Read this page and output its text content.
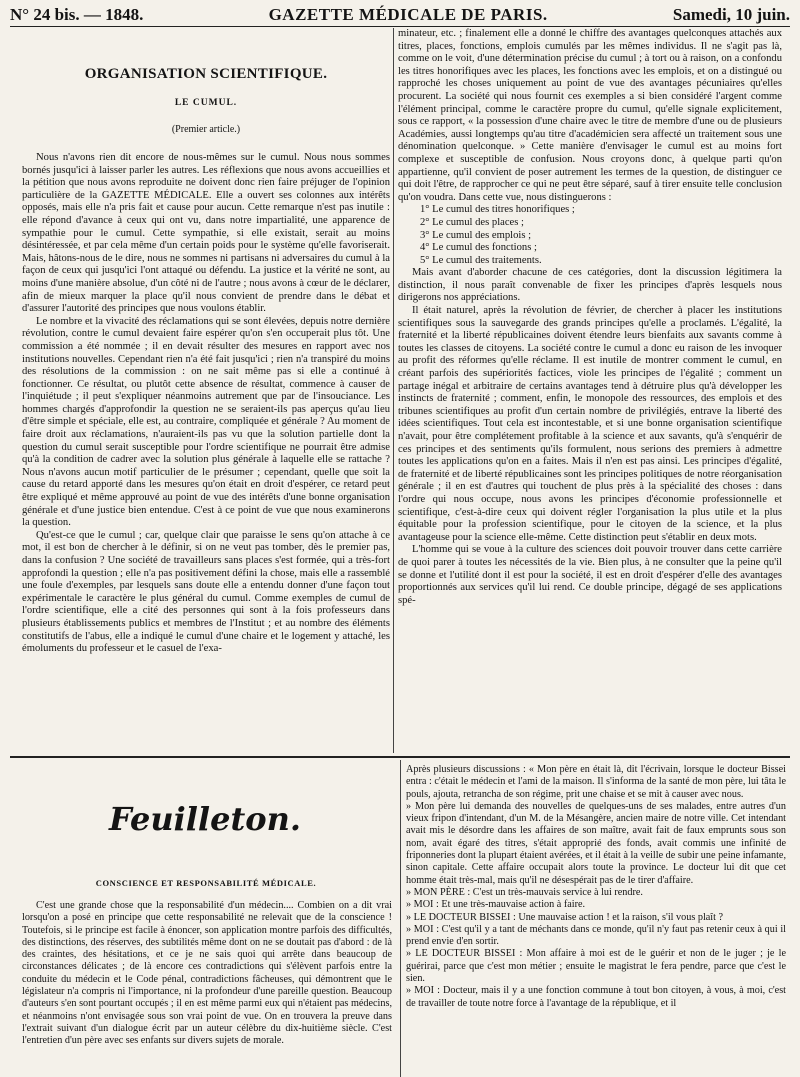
N° 24 bis. — 1848.	GAZETTE MÉDICALE DE PARIS.	Samedi, 10 juin.
ORGANISATION SCIENTIFIQUE.
LE CUMUL.
(Premier article.)

Nous n'avons rien dit encore de nous-mêmes sur le cumul. Nous nous sommes bornés jusqu'ici à laisser parler les autres. Les réflexions que nous avons accueillies et la pétition que nous avons reproduite ne doivent donc rien faire préjuger de l'opinion particulière de la GAZETTE MÉDICALE. Elle a ouvert ses colonnes aux intérêts opposés, mais elle n'a pris fait et cause pour aucun. Cette remarque n'est pas inutile : elle répond d'avance à ceux qui ont vu, dans notre impartialité, une apparence de sympathie pour le cumul. Cette sympathie, si elle existait, serait au moins désintéressée, et par cela même d'un certain poids pour le système qu'elle favoriserait. Mais, hâtons-nous de le dire, nous ne sommes ni partisans ni adversaires du cumul à la façon de ceux qui jusqu'ici l'ont attaqué ou défendu. La justice et la vérité ne sont, au moins d'une manière absolue, d'un côté ni de l'autre ; nous avons à cœur de le déclarer, afin de mieux marquer la place qu'il nous convient de prendre dans le débat et d'assurer l'autorité des principes que nous voulons établir.

Le nombre et la vivacité des réclamations qui se sont élevées, depuis notre dernière révolution, contre le cumul devaient faire espérer qu'on s'en occuperait plus tôt. Une commission a été nommée ; il en devait résulter des mesures en rapport avec nos institutions nouvelles. Cependant rien n'a été fait jusqu'ici ; rien n'a transpiré du moins des résolutions de la commission : on ne sait même pas si elle a continué à fonctionner. Ce résultat, ou plutôt cette absence de résultat, commence à causer de l'inquiétude ; il peut s'expliquer néanmoins autrement que par de l'insouciance. Les hommes chargés d'approfondir la question ne se seraient-ils pas aperçus qu'au lieu d'être simple et spéciale, elle est, au contraire, compliquée et générale ? Au moment de faire droit aux réclamations, n'auraient-ils pas vu que la solution partielle dont la question du cumul serait susceptible pour l'ordre scientifique ne pourrait être admise qu'à la condition de cadrer avec la solution plus générale à laquelle elle se rattache ? Nous n'avons aucun motif particulier de le présumer ; cependant, quelle que soit la cause du retard apporté dans les mesures qu'on était en droit d'espérer, ce retard peut être expliqué et même approuvé au point de vue des intérêts d'une bonne organisation générale et d'une justice bien entendue. C'est à ce point de vue que nous examinerons la question.

Qu'est-ce que le cumul ; car, quelque clair que paraisse le sens qu'on attache à ce mot, il est bon de chercher à le définir, si on ne veut pas tomber, dès le premier pas, dans la confusion ? Une société de travailleurs sans places s'est formée, qui a très-fort approfondi la question ; elle n'a pas positivement défini la chose, mais elle a rassemblé une foule d'exemples, par lesquels sans doute elle a entendu donner d'une façon tout expérimentale le caractère le plus général du cumul. Comme exemples de cumul de l'ordre scientifique, elle a cité des personnes qui sont à la fois professeurs dans plusieurs établissements publics et membres de l'Institut ; et au nombre des éléments constitutifs de l'abus, elle a indiqué le cumul d'une chaire et le logement y attaché, les émoluments du professeur et le casuel de l'exa-

minateur, etc. ; finalement elle a donné le chiffre des avantages quelconques attachés aux titres, places, fonctions, emplois cumulés par les mêmes individus. Il ne s'agit pas là, comme on le voit, d'une détermination précise du cumul ; à tort ou à raison, on a confondu les titres honorifiques avec les places, les fonctions avec les emplois, et on a distingué ou rapproché les choses uniquement au point de vue des avantages pécuniaires qu'elles procurent. La société qui nous fournit ces exemples a si bien considéré l'argent comme l'élément principal, comme le caractère propre du cumul, qu'elle signale explicitement, sous ce rapport, « la possession d'une chaire avec le titre de membre d'une ou de plusieurs Académies, aussi longtemps qu'au titre d'académicien sera affecté un traitement sous une dénomination quelconque. » Cette manière d'envisager le cumul est au moins fort complexe et susceptible de confusion. Nous croyons donc, à quelque parti qu'on appartienne, qu'il convient de poser autrement les termes de la question, de distinguer ce qui doit l'être, de rapprocher ce qui ne peut être séparé, sauf à tirer ensuite telle conclusion qu'on voudra. Dans cette vue, nous distinguerons :

1° Le cumul des titres honorifiques ;

2° Le cumul des places ;

3° Le cumul des emplois ;

4° Le cumul des fonctions ;

5° Le cumul des traitements.

Mais avant d'aborder chacune de ces catégories, dont la discussion légitimera la distinction, il nous paraît convenable de fixer les principes d'après lesquels nous dirigerons nos appréciations.

Il était naturel, après la révolution de février, de chercher à placer les institutions scientifiques sous la sauvegarde des grands principes qu'elle a proclamés. L'égalité, la fraternité et la liberté républicaines doivent étendre leurs bienfaits aux savants comme à toutes les classes de citoyens. La société contre le cumul a donc eu raison de les invoquer au profit des réformes qu'elle réclame. Il est inutile de montrer comment le cumul, en créant parfois des supériorités factices, viole les principes de l'égalité ; comment un partage inégal et arbitraire de certains avantages tend à détruire plus qu'à développer les instincts de fraternité ; comment, enfin, le monopole des ressources, des emplois et des tribunes scientifiques au profit d'un certain nombre de privilégiés, entrave la liberté des idées scientifiques. Tout cela est incontestable, et si une bonne organisation scientifique n'avait, pour être complétement profitable à la science et aux savants, qu'à s'enquérir de ces principes et des sentiments qu'ils formulent, nous serions des premiers à admettre toutes les applications qu'on en a faites. Mais il n'en est pas ainsi. Les principes d'égalité, de fraternité et de liberté républicaines sont les principes politiques de notre réorganisation générale ; il en est d'autres qui touchent de plus près à la spécialité des choses : dans l'ordre qui nous occupe, nous avons les principes d'économie professionnelle et scientifique, c'est-à-dire ceux qui doivent régler l'organisation la plus utile et la plus équitable pour la profession scientifique, pour le citoyen de la science, et la plus avantageuse pour la science elle-même. Cette distinction peut s'établir en deux mots.

L'homme qui se voue à la culture des sciences doit pouvoir trouver dans cette carrière de quoi parer à toutes les nécessités de la vie. Bien plus, à ne consulter que la peine qu'il se donne et l'utilité dont il est pour la société, il est en droit d'espérer d'elle des avantages proportionnés aux services qu'il lui rend. Ce double principe, dégagé de ses applications spé-

Feuilleton.
CONSCIENCE ET RESPONSABILITÉ MÉDICALE.

C'est une grande chose que la responsabilité d'un médecin.... Combien on a dit vrai lorsqu'on a posé en principe que cette responsabilité ne relevait que de la conscience ! Toutefois, si le principe est facile à énoncer, son application montre parfois des difficultés, des distinctions, des réserves, des subtilités même dont on ne se doutait pas d'abord : de là des craintes, des hésitations, et ce je ne sais quoi qui arrête dans beaucoup de circonstances délicates ; de là encore ces contradictions qui s'élèvent parfois entre la conduite du médecin et le Code pénal, contradictions fâcheuses, qui démontrent que le législateur n'a compris ni l'importance, ni la profondeur d'une pareille question. Beaucoup d'auteurs s'en sont pourtant occupés ; il en est même parmi eux qui n'étaient pas médecins, et néanmoins n'ont envisagée sous son vrai point de vue. On en trouvera la preuve dans l'extrait suivant d'un dialogue écrit par un auteur célèbre du dix-huitième siècle. C'est l'entretien d'un père avec ses enfants sur divers sujets de morale.

Après plusieurs discussions : « Mon père en était là, dit l'écrivain, lorsque le docteur Bissei entra : c'était le médecin et l'ami de la maison. Il s'informa de la santé de mon père, lui tâta le pouls, ajouta, retrancha de son régime, prit une chaise et se mit à causer avec nous.

» Mon père lui demanda des nouvelles de quelques-uns de ses malades, entre autres d'un vieux fripon d'intendant, d'un M. de la Mésangère, ancien maire de notre ville. Cet intendant avait mis le désordre dans les affaires de son maître, avait fait de faux emprunts sous son nom, avait égaré des titres, s'était approprié des fonds, avait commis une infinité de friponneries dont la plupart étaient avérées, et il était à la veille de subir une peine infamante, sinon capitale. Cette affaire occupait alors toute la province. Le docteur lui dit que cet homme était très-mal, mais qu'il ne désespérait pas de le tirer d'affaire.

» MON PÈRE : C'est un très-mauvais service à lui rendre.

» MOI : Et une très-mauvaise action à faire.

» LE DOCTEUR BISSEI : Une mauvaise action ! et la raison, s'il vous plaît ?

» MOI : C'est qu'il y a tant de méchants dans ce monde, qu'il n'y faut pas retenir ceux à qui il prend envie d'en sortir.

» LE DOCTEUR BISSEI : Mon affaire à moi est de le guérir et non de le juger ; je le guérirai, parce que c'est mon métier ; ensuite le magistrat le fera pendre, parce que c'est le sien.

» MOI : Docteur, mais il y a une fonction commune à tout bon citoyen, à vous, à moi, c'est de travailler de toute notre force à l'avantage de la république, et il
